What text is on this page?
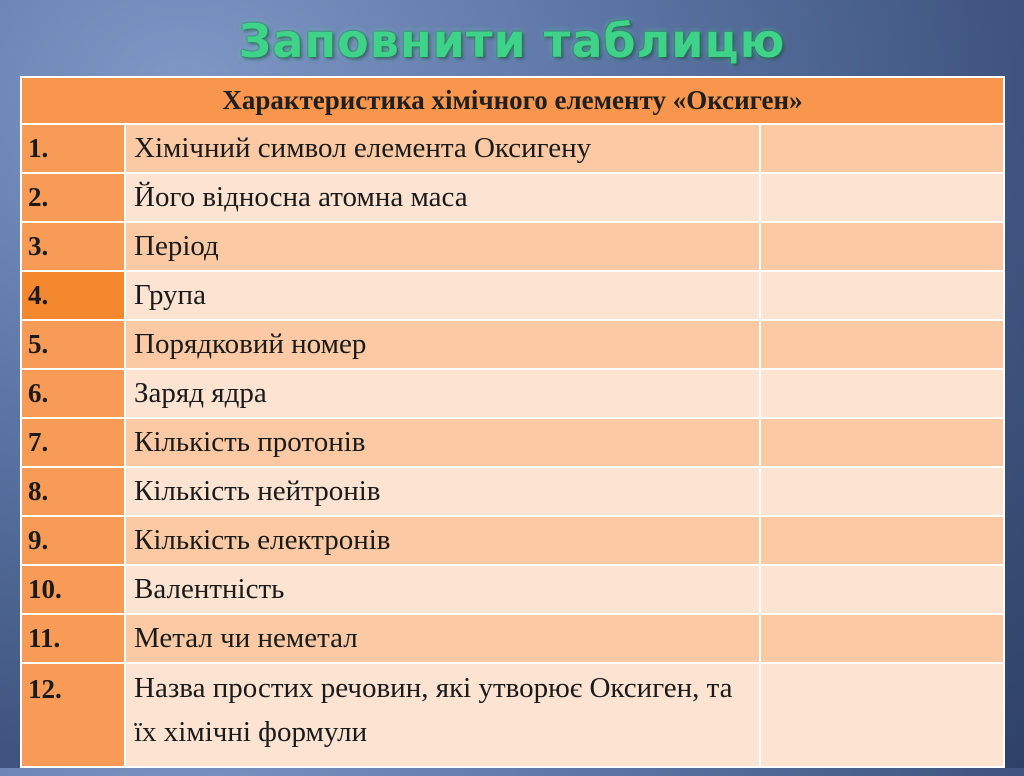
Заповнити таблицю
Характеристика хімічного елементу «Оксиген»		
1.	Хімічний символ елемента Оксигену	
2.	Його відносна атомна маса	
3.	Період	
4.	Група	
5.	Порядковий номер	
6.	Заряд ядра	
7.	Кількість протонів	
8.	Кількість нейтронів	
9.	Кількість електронів	
10.	Валентність	
11.	Метал чи неметал	
12.	Назва простих речовин, які утворює Оксиген, та їх хімічні формули	
